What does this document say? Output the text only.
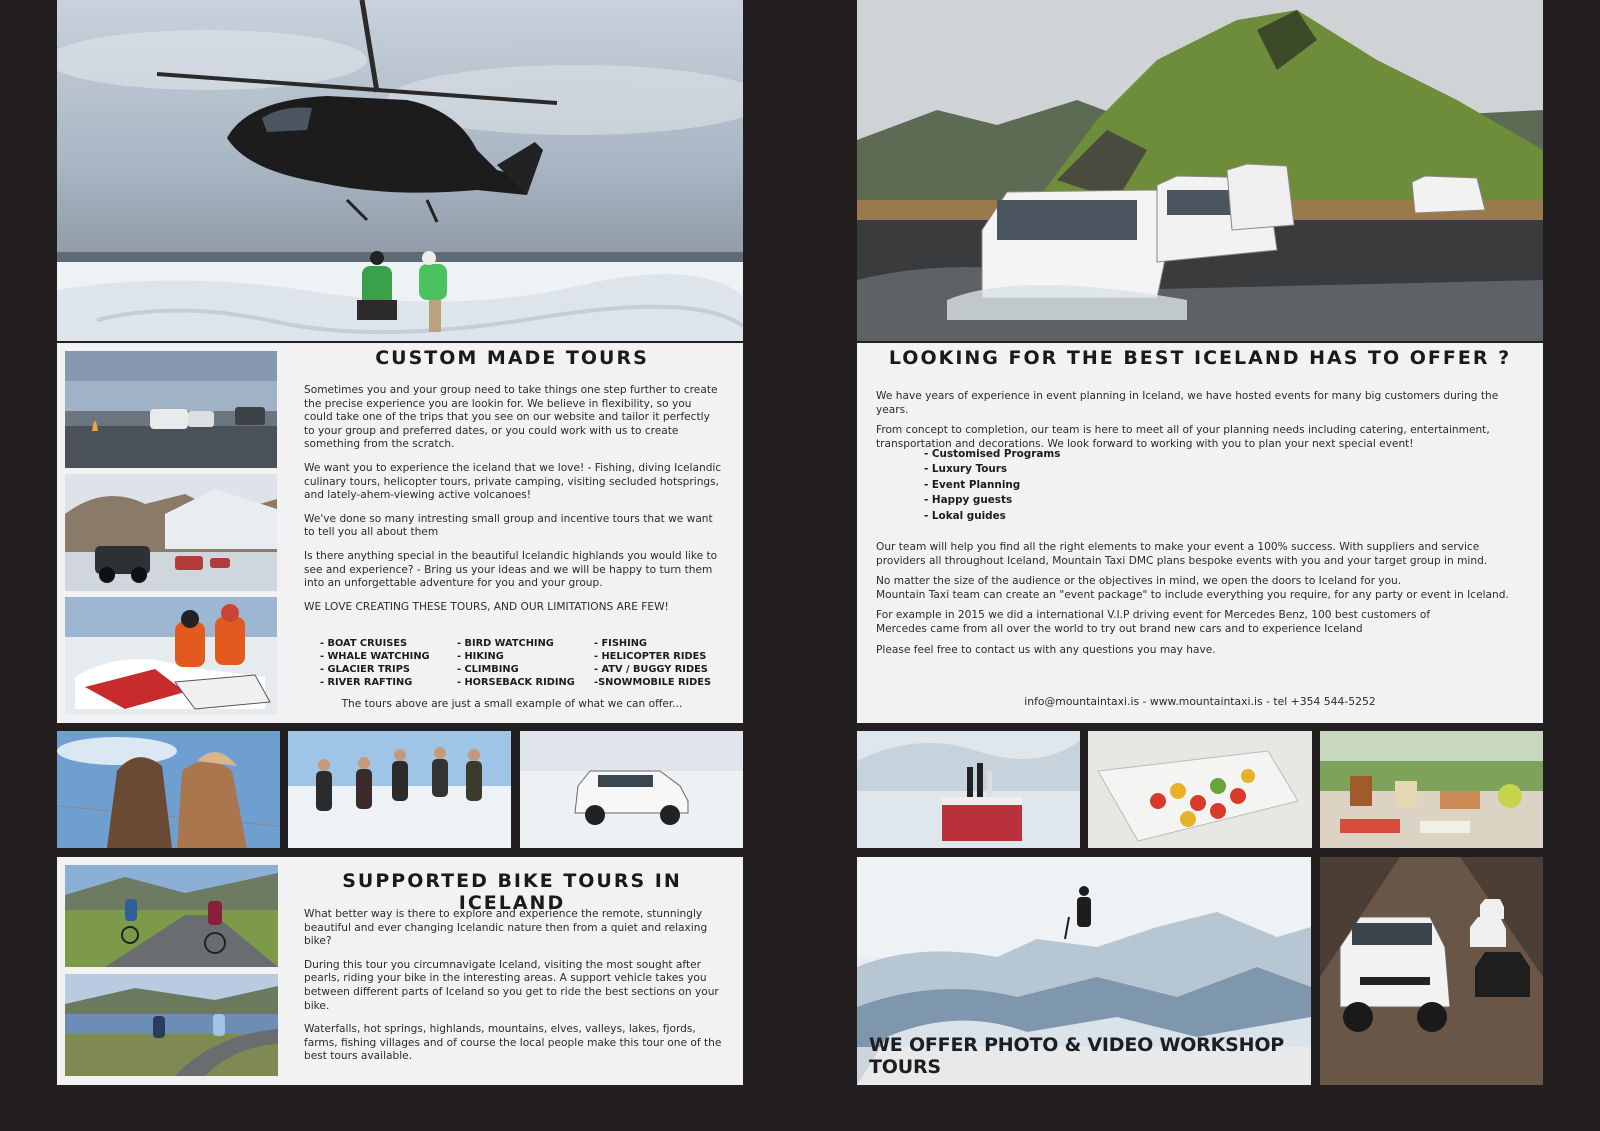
CUSTOM MADE TOURS

Sometimes you and your group need to take things one step further to create the precise experience you are lookin for. We believe in flexibility, so you could take one of the trips that you see on our website and tailor it perfectly to your group and preferred dates, or you could work with us to create something from the scratch.

We want you to experience the iceland that we love! - Fishing, diving Icelandic culinary tours, helicopter tours, private camping, visiting secluded hotsprings, and lately-ahem-viewing active volcanoes!

We've done so many intresting small group and incentive tours that we want to tell you all about them

Is there anything special in the beautiful Icelandic highlands you would like to see and experience? - Bring us your ideas and we will be happy to turn them into an unforgettable adventure for you and your group.

WE LOVE CREATING THESE TOURS, AND OUR LIMITATIONS ARE FEW!

- BOAT CRUISES
- WHALE WATCHING
- GLACIER TRIPS
- RIVER RAFTING
- BIRD WATCHING
- HIKING
- CLIMBING
- HORSEBACK RIDING
- FISHING
- HELICOPTER RIDES
- ATV / BUGGY RIDES
-SNOWMOBILE RIDES
The tours above are just a small example of what we can offer...
SUPPORTED BIKE TOURS IN ICELAND

What better way is there to explore and experience the remote, stunningly beautiful and ever changing Icelandic nature then from a quiet and relaxing bike?

During this tour you circumnavigate Iceland, visiting the most sought after pearls, riding your bike in the interesting areas. A support vehicle takes you between different parts of Iceland so you get to ride the best sections on your bike.

Waterfalls, hot springs, highlands, mountains, elves, valleys, lakes, fjords, farms, fishing villages and of course the local people make this tour one of the best tours available.

LOOKING FOR THE BEST ICELAND HAS TO OFFER ?

We have years of experience in event planning in Iceland, we have hosted events for many big customers during the years.

From concept to completion, our team is here to meet all of your planning needs including catering, entertainment, transportation and decorations. We look forward to working with you to plan your next special event!

- Customised Programs
- Luxury Tours
- Event Planning
- Happy guests
- Lokal guides

Our team will help you find all the right elements to make your event a 100% success. With suppliers and service providers all throughout Iceland, Mountain Taxi DMC plans bespoke events with you and your target group in mind.

No matter the size of the audience or the objectives in mind, we open the doors to Iceland for you.

Mountain Taxi team can create an "event package" to include everything you require, for any party or event in Iceland.

For example in 2015 we did a international V.I.P driving event for Mercedes Benz, 100 best customers of Mercedes came from all over the world to try out brand new cars and to experience Iceland

Please feel free to contact us with any questions you may have.

info@mountaintaxi.is - www.mountaintaxi.is - tel +354 544-5252
WE OFFER PHOTO & VIDEO WORKSHOP TOURS
